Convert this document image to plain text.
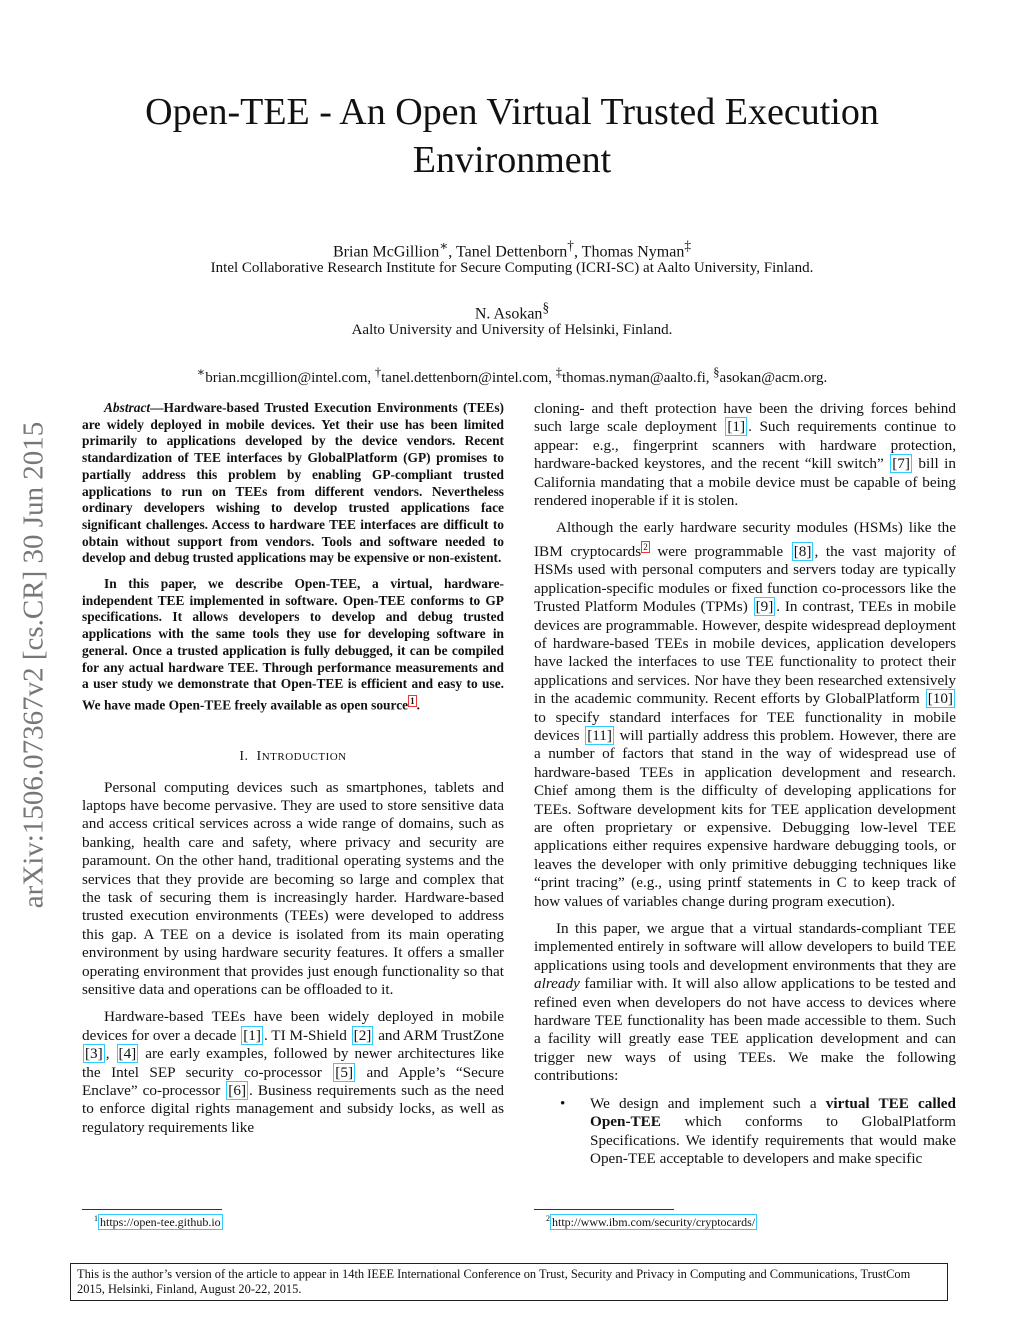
Open-TEE - An Open Virtual Trusted Execution Environment
Brian McGillion∗, Tanel Dettenborn†, Thomas Nyman‡
Intel Collaborative Research Institute for Secure Computing (ICRI-SC) at Aalto University, Finland.
N. Asokan§
Aalto University and University of Helsinki, Finland.
∗brian.mcgillion@intel.com, †tanel.dettenborn@intel.com, ‡thomas.nyman@aalto.fi, §asokan@acm.org.
arXiv:1506.07367v2 [cs.CR] 30 Jun 2015

Abstract—Hardware-based Trusted Execution Environments (TEEs) are widely deployed in mobile devices. Yet their use has been limited primarily to applications developed by the device vendors. Recent standardization of TEE interfaces by GlobalPlatform (GP) promises to partially address this problem by enabling GP-compliant trusted applications to run on TEEs from different vendors. Nevertheless ordinary developers wishing to develop trusted applications face significant challenges. Access to hardware TEE interfaces are difficult to obtain without support from vendors. Tools and software needed to develop and debug trusted applications may be expensive or non-existent.

In this paper, we describe Open-TEE, a virtual, hardware-independent TEE implemented in software. Open-TEE conforms to GP specifications. It allows developers to develop and debug trusted applications with the same tools they use for developing software in general. Once a trusted application is fully debugged, it can be compiled for any actual hardware TEE. Through performance measurements and a user study we demonstrate that Open-TEE is efficient and easy to use. We have made Open-TEE freely available as open source $^1$ .

I. INTRODUCTION

Personal computing devices such as smartphones, tablets and laptops have become pervasive. They are used to store sensitive data and access critical services across a wide range of domains, such as banking, health care and safety, where privacy and security are paramount. On the other hand, traditional operating systems and the services that they provide are becoming so large and complex that the task of securing them is increasingly harder. Hardware-based trusted execution environments (TEEs) were developed to address this gap. A TEE on a device is isolated from its main operating environment by using hardware security features. It offers a smaller operating environment that provides just enough functionality so that sensitive data and operations can be offloaded to it.

Hardware-based TEEs have been widely deployed in mobile devices for over a decade [1] . TI M-Shield [2] and ARM TrustZone [3] , [4] are early examples, followed by newer architectures like the Intel SEP security co-processor [5] and Apple’s “Secure Enclave” co-processor [6] . Business requirements such as the need to enforce digital rights management and subsidy locks, as well as regulatory requirements like

cloning- and theft protection have been the driving forces behind such large scale deployment [1] . Such requirements continue to appear: e.g., fingerprint scanners with hardware protection, hardware-backed keystores, and the recent “kill switch” [7] bill in California mandating that a mobile device must be capable of being rendered inoperable if it is stolen.

Although the early hardware security modules (HSMs) like the IBM cryptocards $^2$ were programmable [8] , the vast majority of HSMs used with personal computers and servers today are typically application-specific modules or fixed function co-processors like the Trusted Platform Modules (TPMs) [9] . In contrast, TEEs in mobile devices are programmable. However, despite widespread deployment of hardware-based TEEs in mobile devices, application developers have lacked the interfaces to use TEE functionality to protect their applications and services. Nor have they been researched extensively in the academic community. Recent efforts by GlobalPlatform [10] to specify standard interfaces for TEE functionality in mobile devices [11] will partially address this problem. However, there are a number of factors that stand in the way of widespread use of hardware-based TEEs in application development and research. Chief among them is the difficulty of developing applications for TEEs. Software development kits for TEE application development are often proprietary or expensive. Debugging low-level TEE applications either requires expensive hardware debugging tools, or leaves the developer with only primitive debugging techniques like “print tracing” (e.g., using printf statements in C to keep track of how values of variables change during program execution).

In this paper, we argue that a virtual standards-compliant TEE implemented entirely in software will allow developers to build TEE applications using tools and development environments that they are already familiar with. It will also allow applications to be tested and refined even when developers do not have access to devices where hardware TEE functionality has been made accessible to them. Such a facility will greatly ease TEE application development and can trigger new ways of using TEEs. We make the following contributions:

• We design and implement such a virtual TEE called Open-TEE which conforms to GlobalPlatform Specifications. We identify requirements that would make Open-TEE acceptable to developers and make specific

$^1$ https://open-tee.github.io	$^2$ http://www.ibm.com/security/cryptocards/
This is the author’s version of the article to appear in 14th IEEE International Conference on Trust, Security and Privacy in Computing and Communications, TrustCom 2015, Helsinki, Finland, August 20-22, 2015.
